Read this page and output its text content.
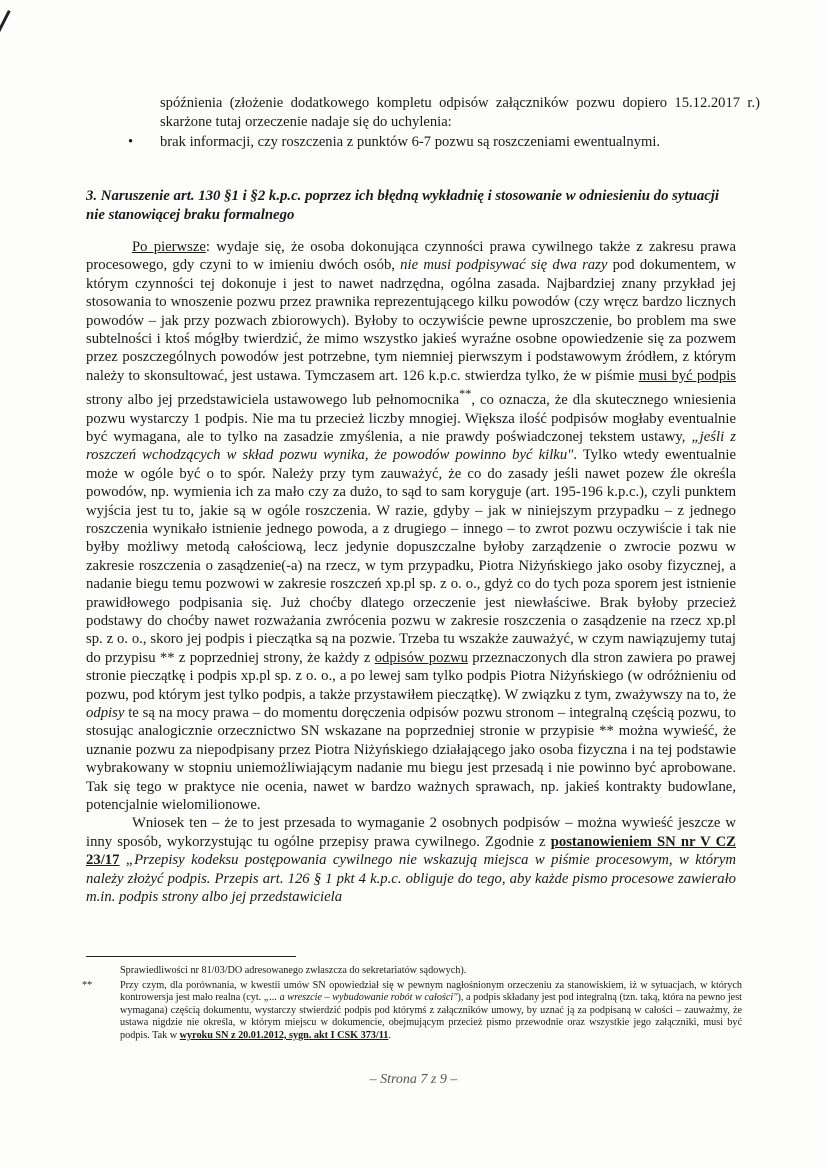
spóźnienia (złożenie dodatkowego kompletu odpisów załączników pozwu dopiero 15.12.2017 r.) skarżone tutaj orzeczenie nadaje się do uchylenia:
•	brak informacji, czy roszczenia z punktów 6-7 pozwu są roszczeniami ewentualnymi.
3. Naruszenie art. 130 §1 i §2 k.p.c. poprzez ich błędną wykładnię i stosowanie w odniesieniu do sytuacji nie stanowiącej braku formalnego

Po pierwsze: wydaje się, że osoba dokonująca czynności prawa cywilnego także z zakresu prawa procesowego, gdy czyni to w imieniu dwóch osób, nie musi podpisywać się dwa razy pod dokumentem, w którym czynności tej dokonuje i jest to nawet nadrzędna, ogólna zasada. Najbardziej znany przykład jej stosowania to wnoszenie pozwu przez prawnika reprezentującego kilku powodów (czy wręcz bardzo licznych powodów – jak przy pozwach zbiorowych). Byłoby to oczywiście pewne uproszczenie, bo problem ma swe subtelności i ktoś mógłby twierdzić, że mimo wszystko jakieś wyraźne osobne opowiedzenie się za pozwem przez poszczególnych powodów jest potrzebne, tym niemniej pierwszym i podstawowym źródłem, z którym należy to skonsultować, jest ustawa. Tymczasem art. 126 k.p.c. stwierdza tylko, że w piśmie musi być podpis strony albo jej przedstawiciela ustawowego lub pełnomocnika**, co oznacza, że dla skutecznego wniesienia pozwu wystarczy 1 podpis. Nie ma tu przecież liczby mnogiej. Większa ilość podpisów mogłaby eventualnie być wymagana, ale to tylko na zasadzie zmyślenia, a nie prawdy poświadczonej tekstem ustawy, „jeśli z roszczeń wchodzących w skład pozwu wynika, że powodów powinno być kilku". Tylko wtedy ewentualnie może w ogóle być o to spór. Należy przy tym zauważyć, że co do zasady jeśli nawet pozew źle określa powodów, np. wymienia ich za mało czy za dużo, to sąd to sam koryguje (art. 195-196 k.p.c.), czyli punktem wyjścia jest tu to, jakie są w ogóle roszczenia. W razie, gdyby – jak w niniejszym przypadku – z jednego roszczenia wynikało istnienie jednego powoda, a z drugiego – innego – to zwrot pozwu oczywiście i tak nie byłby możliwy metodą całościową, lecz jedynie dopuszczalne byłoby zarządzenie o zwrocie pozwu w zakresie roszczenia o zasądzenie(-a) na rzecz, w tym przypadku, Piotra Niżyńskiego jako osoby fizycznej, a nadanie biegu temu pozwowi w zakresie roszczeń xp.pl sp. z o. o., gdyż co do tych poza sporem jest istnienie prawidłowego podpisania się. Już choćby dlatego orzeczenie jest niewłaściwe. Brak byłoby przecież podstawy do choćby nawet rozważania zwrócenia pozwu w zakresie roszczenia o zasądzenie na rzecz xp.pl sp. z o. o., skoro jej podpis i pieczątka są na pozwie. Trzeba tu wszakże zauważyć, w czym nawiązujemy tutaj do przypisu ** z poprzedniej strony, że każdy z odpisów pozwu przeznaczonych dla stron zawiera po prawej stronie pieczątkę i podpis xp.pl sp. z o. o., a po lewej sam tylko podpis Piotra Niżyńskiego (w odróżnieniu od pozwu, pod którym jest tylko podpis, a także przystawiłem pieczątkę). W związku z tym, zważywszy na to, że odpisy te są na mocy prawa – do momentu doręczenia odpisów pozwu stronom – integralną częścią pozwu, to stosując analogicznie orzecznictwo SN wskazane na poprzedniej stronie w przypisie ** można wywieść, że uznanie pozwu za niepodpisany przez Piotra Niżyńskiego działającego jako osoba fizyczna i na tej podstawie wybrakowany w stopniu uniemożliwiającym nadanie mu biegu jest przesadą i nie powinno być aprobowane. Tak się tego w praktyce nie ocenia, nawet w bardzo ważnych sprawach, np. jakieś kontrakty budowlane, potencjalnie wielomilionowe.

Wniosek ten – że to jest przesada to wymaganie 2 osobnych podpisów – można wywieść jeszcze w inny sposób, wykorzystując tu ogólne przepisy prawa cywilnego. Zgodnie z postanowieniem SN nr V CZ 23/17 „Przepisy kodeksu postępowania cywilnego nie wskazują miejsca w piśmie procesowym, w którym należy złożyć podpis. Przepis art. 126 § 1 pkt 4 k.p.c. obliguje do tego, aby każde pismo procesowe zawierało m.in. podpis strony albo jej przedstawiciela

Sprawiedliwości nr 81/03/DO adresowanego zwłaszcza do sekretariatów sądowych).
**	Przy czym, dla porównania, w kwestii umów SN opowiedział się w pewnym nagłośnionym orzeczeniu za stanowiskiem, iż w sytuacjach, w których kontrowersja jest mało realna (cyt. „... a wreszcie – wybudowanie robót w całości"), a podpis składany jest pod integralną (tzn. taką, która na pewno jest wymagana) częścią dokumentu, wystarczy stwierdzić podpis pod którymś z załączników umowy, by uznać ją za podpisaną w całości – zauważmy, że ustawa nigdzie nie określa, w którym miejscu w dokumencie, obejmującym przecież pismo przewodnie oraz wszystkie jego załączniki, musi być podpis. Tak w wyroku SN z 20.01.2012, sygn. akt I CSK 373/11.
– Strona 7 z 9 –
